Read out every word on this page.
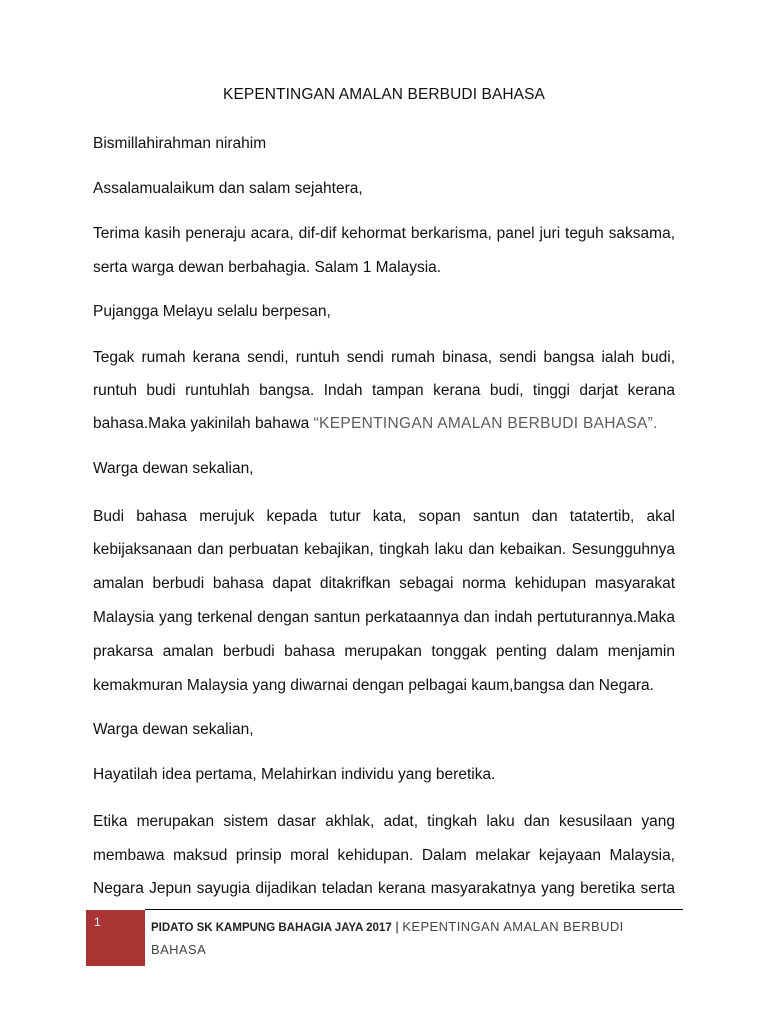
KEPENTINGAN AMALAN BERBUDI BAHASA
Bismillahirahman nirahim
Assalamualaikum dan salam sejahtera,
Terima kasih peneraju acara, dif-dif kehormat berkarisma, panel juri teguh saksama,
serta warga dewan berbahagia. Salam 1 Malaysia.
Pujangga Melayu selalu berpesan,
Tegak rumah kerana sendi, runtuh sendi rumah binasa, sendi bangsa ialah budi,
runtuh budi runtuhlah bangsa. Indah tampan kerana budi, tinggi darjat kerana
bahasa.Maka yakinilah bahawa “KEPENTINGAN AMALAN BERBUDI BAHASA”.
Warga dewan sekalian,
Budi bahasa merujuk kepada tutur kata, sopan santun dan tatatertib, akal
kebijaksanaan dan perbuatan kebajikan, tingkah laku dan kebaikan. Sesungguhnya
amalan berbudi bahasa dapat ditakrifkan sebagai norma kehidupan masyarakat
Malaysia yang terkenal dengan santun perkataannya dan indah pertuturannya.Maka
prakarsa amalan berbudi bahasa merupakan tonggak penting dalam menjamin
kemakmuran Malaysia yang diwarnai dengan pelbagai kaum,bangsa dan Negara.
Warga dewan sekalian,
Hayatilah idea pertama, Melahirkan individu yang beretika.
Etika merupakan sistem dasar akhlak, adat, tingkah laku dan kesusilaan yang
membawa maksud prinsip moral kehidupan. Dalam melakar kejayaan Malaysia,
Negara Jepun sayugia dijadikan teladan kerana masyarakatnya yang beretika serta
1	PIDATO SK KAMPUNG BAHAGIA JAYA 2017 | KEPENTINGAN AMALAN BERBUDI
BAHASA
